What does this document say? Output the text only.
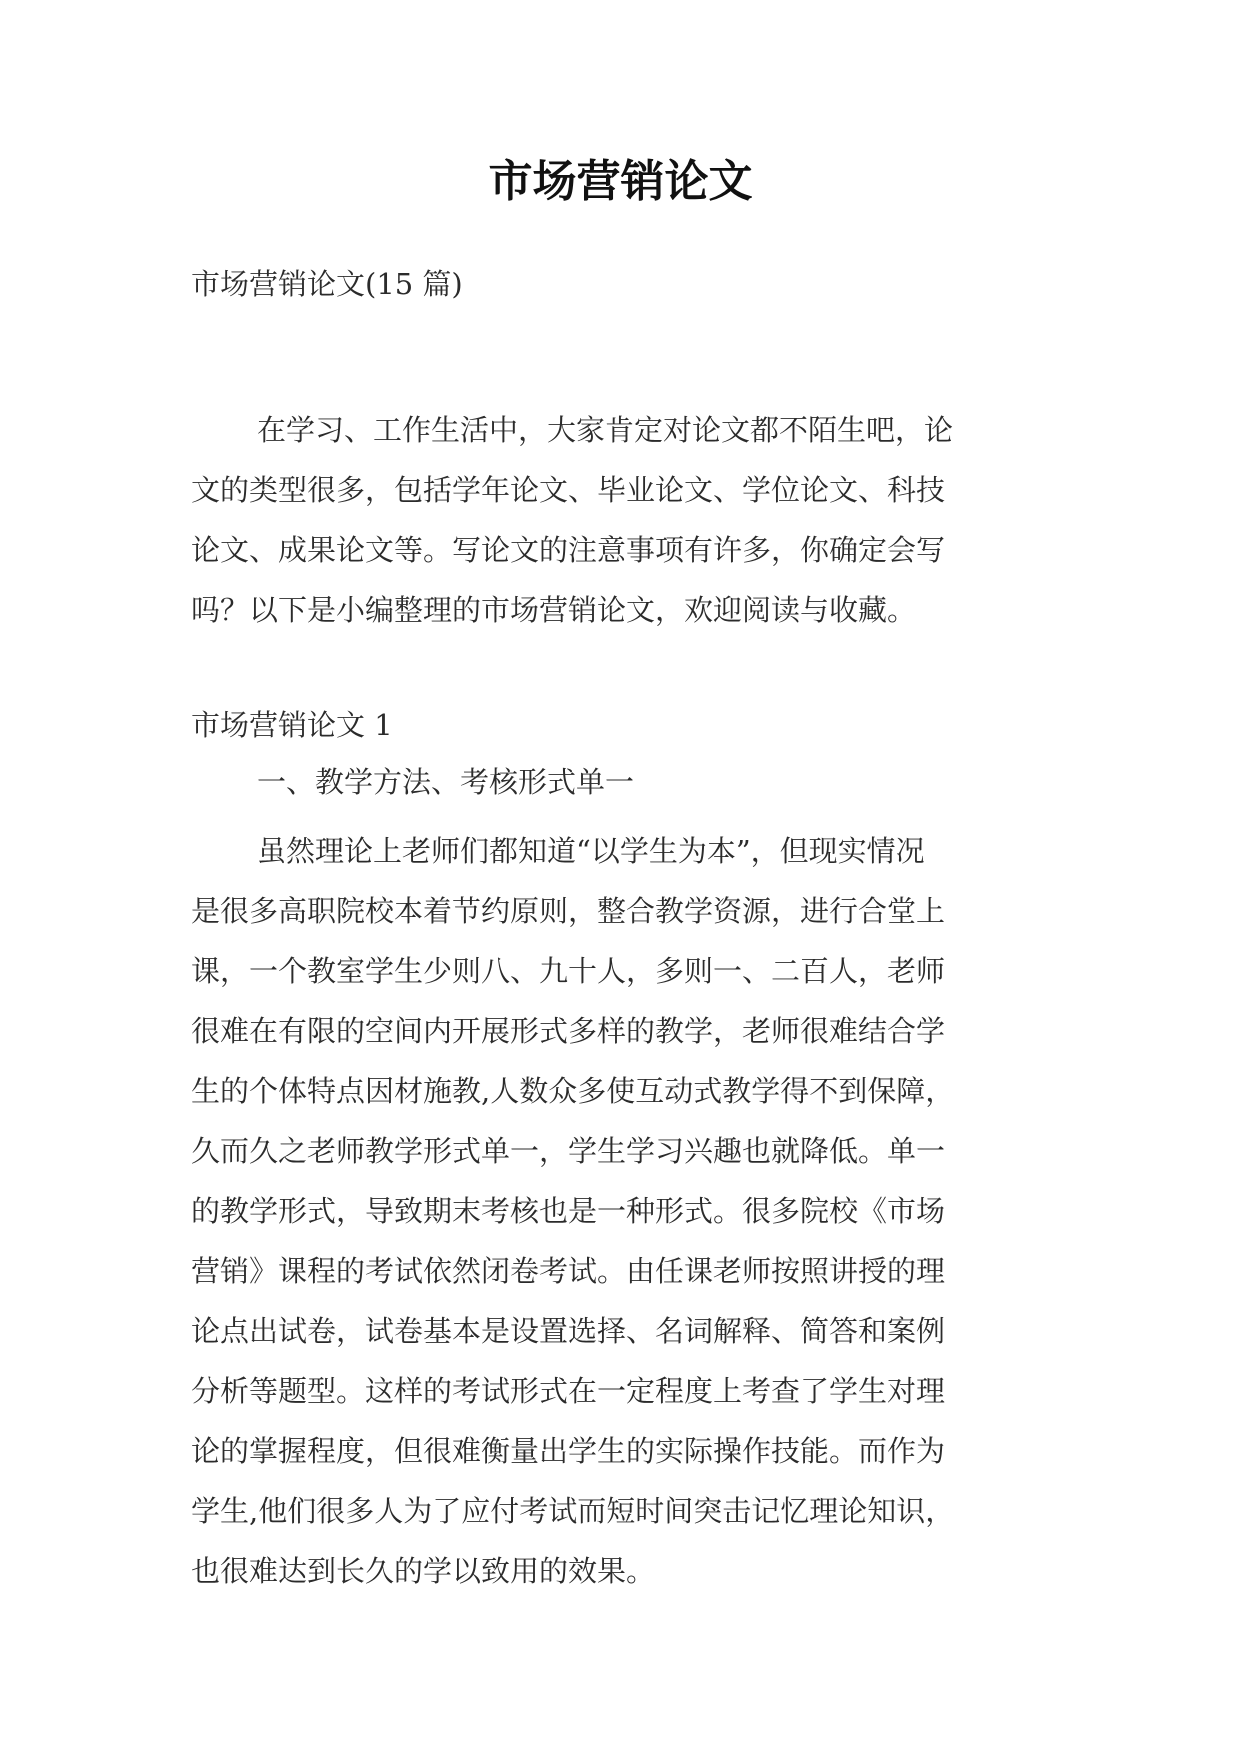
市场营销论文

市场营销论文(15 篇)

在学习、工作生活中，大家肯定对论文都不陌生吧，论

文的类型很多，包括学年论文、毕业论文、学位论文、科技

论文、成果论文等。写论文的注意事项有许多，你确定会写

吗？以下是小编整理的市场营销论文，欢迎阅读与收藏。

市场营销论文 1

一、教学方法、考核形式单一

虽然理论上老师们都知道“以学生为本”，但现实情况
是很多高职院校本着节约原则，整合教学资源，进行合堂上
课，一个教室学生少则八、九十人，多则一、二百人，老师
很难在有限的空间内开展形式多样的教学，老师很难结合学
生的个体特点因材施教,人数众多使互动式教学得不到保障，
久而久之老师教学形式单一，学生学习兴趣也就降低。单一
的教学形式，导致期末考核也是一种形式。很多院校《市场
营销》课程的考试依然闭卷考试。由任课老师按照讲授的理
论点出试卷，试卷基本是设置选择、名词解释、简答和案例
分析等题型。这样的考试形式在一定程度上考查了学生对理
论的掌握程度，但很难衡量出学生的实际操作技能。而作为
学生,他们很多人为了应付考试而短时间突击记忆理论知识，
也很难达到长久的学以致用的效果。
